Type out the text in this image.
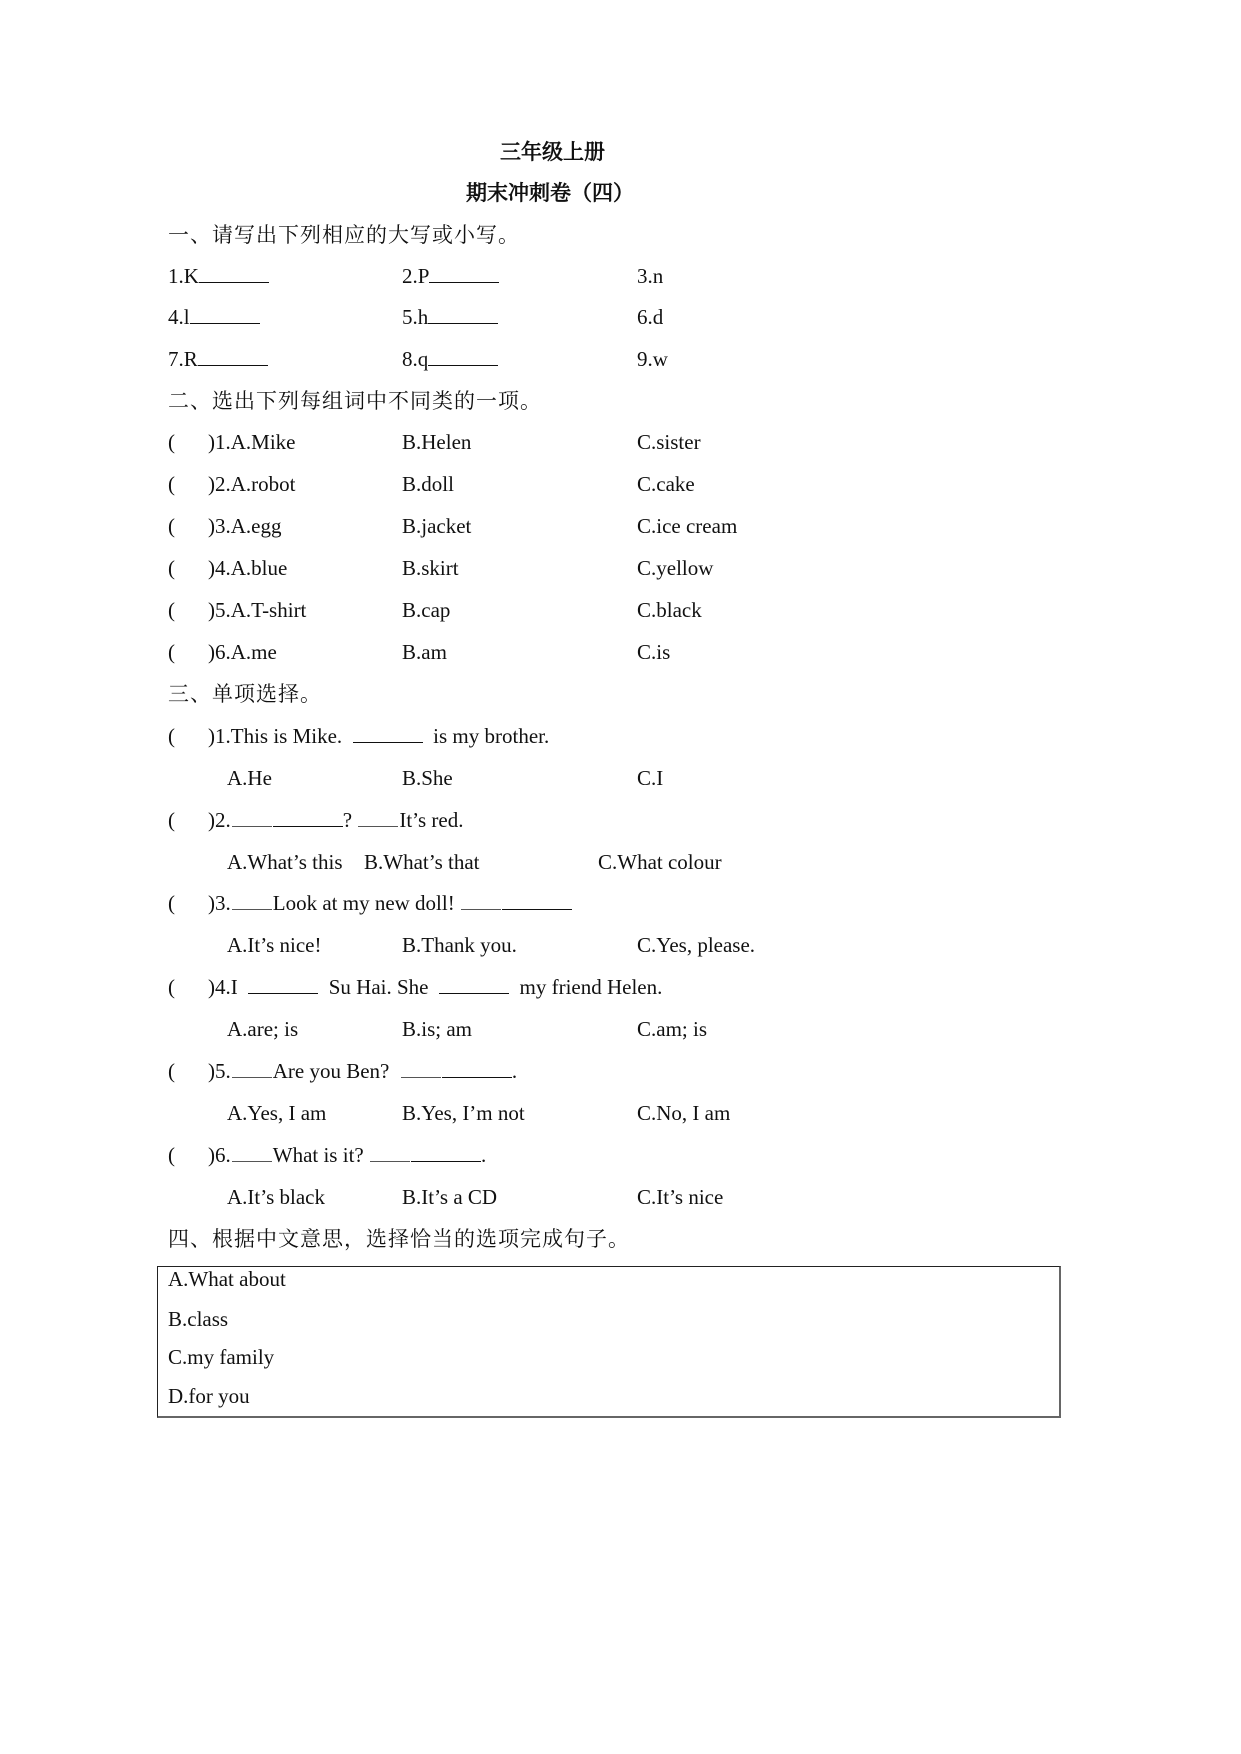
三年级上册
期末冲刺卷（四）
一、请写出下列相应的大写或小写。
1.K	2.P	3.n
4.l	5.h	6.d
7.R	8.q	9.w
二、选出下列每组词中不同类的一项。
( )1.A.Mike	B.Helen	C.sister
( )2.A.robot	B.doll	C.cake
( )3.A.egg	B.jacket	C.ice cream
( )4.A.blue	B.skirt	C.yellow
( )5.A.T-shirt	B.cap	C.black
( )6.A.me	B.am	C.is
三、单项选择。
( )1.This is Mike.	is my brother.
A.He	B.She	C.I
( )2.	? It’s red.
A.What’s this B.What’s that	C.What colour
( )3. Look at my new doll!
A.It’s nice!	B.Thank you.	C.Yes, please.
( )4.I	Su Hai. She	my friend Helen.
A.are; is	B.is; am	C.am; is
( )5. Are you Ben?	.
A.Yes, I am	B.Yes, I’m not	C.No, I am
( )6. What is it?	.
A.It’s black	B.It’s a CD	C.It’s nice
四、根据中文意思，选择恰当的选项完成句子。
A.What about
B.class
C.my family
D.for you
